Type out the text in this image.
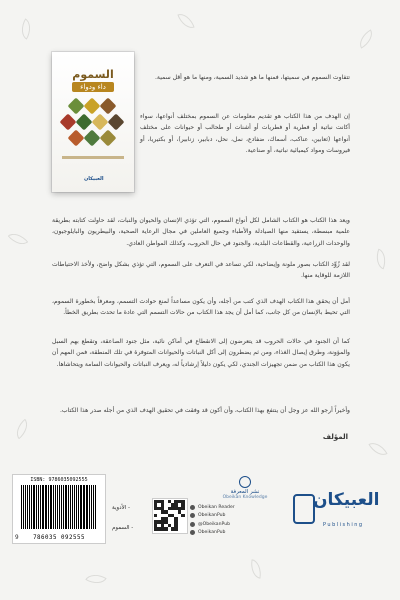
السموم
داء ودواء
العبيكان
تتفاوت السموم في سميتها، فمنها ما هو شديد السمية، ومنها ما هو أقل سمية.
إن الهدف من هذا الكتاب هو تقديم معلومات عن السموم بمختلف أنواعها، سواء أكانت نباتية أو فطرية أو فطريات أو أشنات أو طحالب أو حيوانات على مختلف أنواعها (ثعابين، عناكب، أسماك، ضفادع، نمل، نحل، دبابير، زنابير)، أو بكتيريا، أو فيروسات ومواد كيميائية نباتية، أو صناعية.
ويعد هذا الكتاب هو الكتاب الشامل لكل أنواع السموم، التي تؤذي الإنسان والحيوان والنبات، لقد حاولت كتابته بطريقة علمية مبسطة، يستفيد منها الصيادلة والأطباء وجميع العاملين في مجال الرعاية الصحية، والبيطريون والبايلوجيون، والوحدات الزراعية، والقطاعات البلدية، والجنود في حال الحروب، وكذلك المواطن العادي.
لقد زُوِّد الكتاب بصور ملونة وإيضاحية، لكي تساعد في التعرف على السموم، التي تؤذي بشكل واضح، ولأخذ الاحتياطات اللازمة للوقاية منها.
أمل أن يحقق هذا الكتاب الهدف الذي كتب من أجله، وأن يكون مساعداً لمنع حوادث التسمم، ومعرفاً بخطورة السموم، التي تحيط بالإنسان من كل جانب، كما أمل أن يجد هذا الكتاب من حالات التسمم التي عادة ما تحدث بطريق الخطأ.
كما أن الجنود في حالات الحروب قد يتعرضون إلى الانقطاع في أماكن نائية، مثل جنود الصاعقة، وتقطع بهم السبل والمؤونة، وطرق إيصال الغذاء، ومن ثم يضطرون إلى أكل النباتات والحيوانات المتوفرة في تلك المنطقة، فمن المهم أن يكون هذا الكتاب من ضمن تجهيزات الجندي، لكي يكون دليلاً إرشادياً له، ويعرف النباتات والحيوانات السامة ويتحاشاها.
وأخيراً أرجو الله عز وجل أن ينتفع بهذا الكتاب، وأن أكون قد وفقت في تحقيق الهدف الذي من أجله صدر هذا الكتاب.
المؤلف
ISBN: 9786035092555
9	786035 092555
- الأدوية
- السموم
Obeikan Reader
ObeikanPub
@ObeikanPub
ObeikanPub
نشر المعرفة
Obeikan Knowledge	العبيكان
Publishing
